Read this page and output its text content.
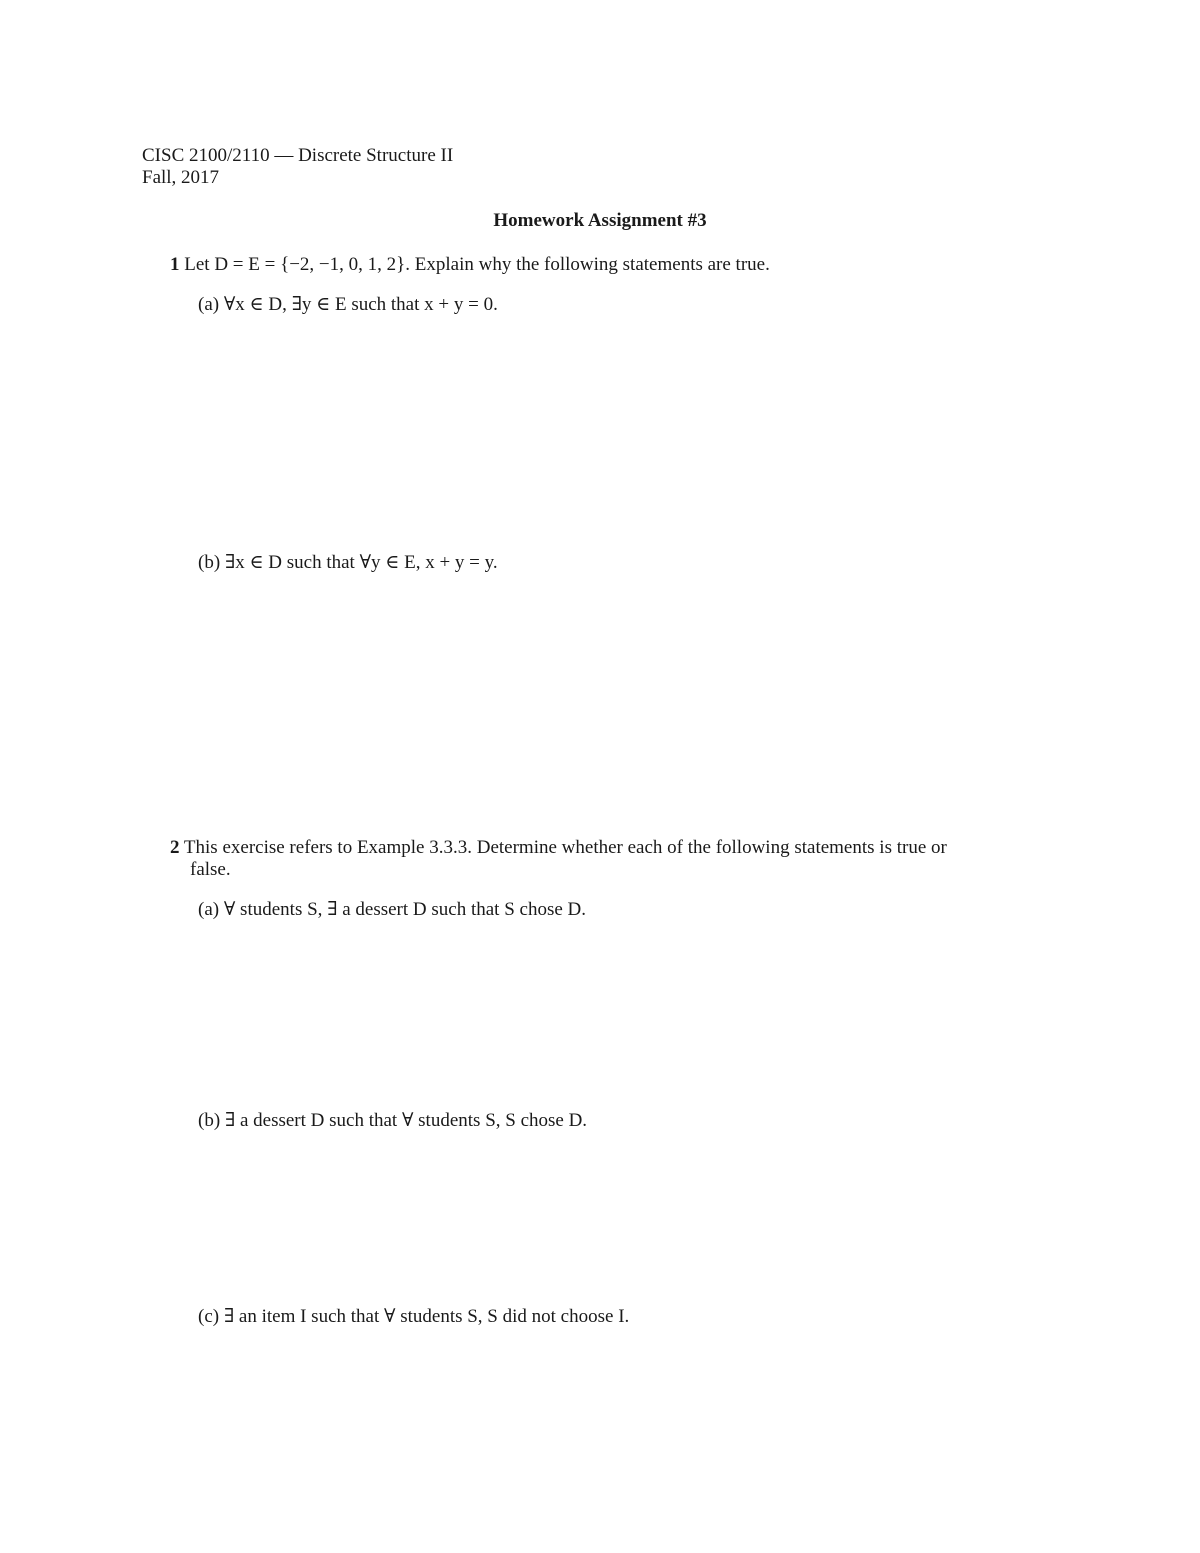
CISC 2100/2110 — Discrete Structure II
Fall, 2017
Homework Assignment #3
1 Let D = E = {−2, −1, 0, 1, 2}. Explain why the following statements are true.
(a) ∀x ∈ D, ∃y ∈ E such that x + y = 0.
(b) ∃x ∈ D such that ∀y ∈ E, x + y = y.
2 This exercise refers to Example 3.3.3. Determine whether each of the following statements is true or
false.
(a) ∀ students S, ∃ a dessert D such that S chose D.
(b) ∃ a dessert D such that ∀ students S, S chose D.
(c) ∃ an item I such that ∀ students S, S did not choose I.
